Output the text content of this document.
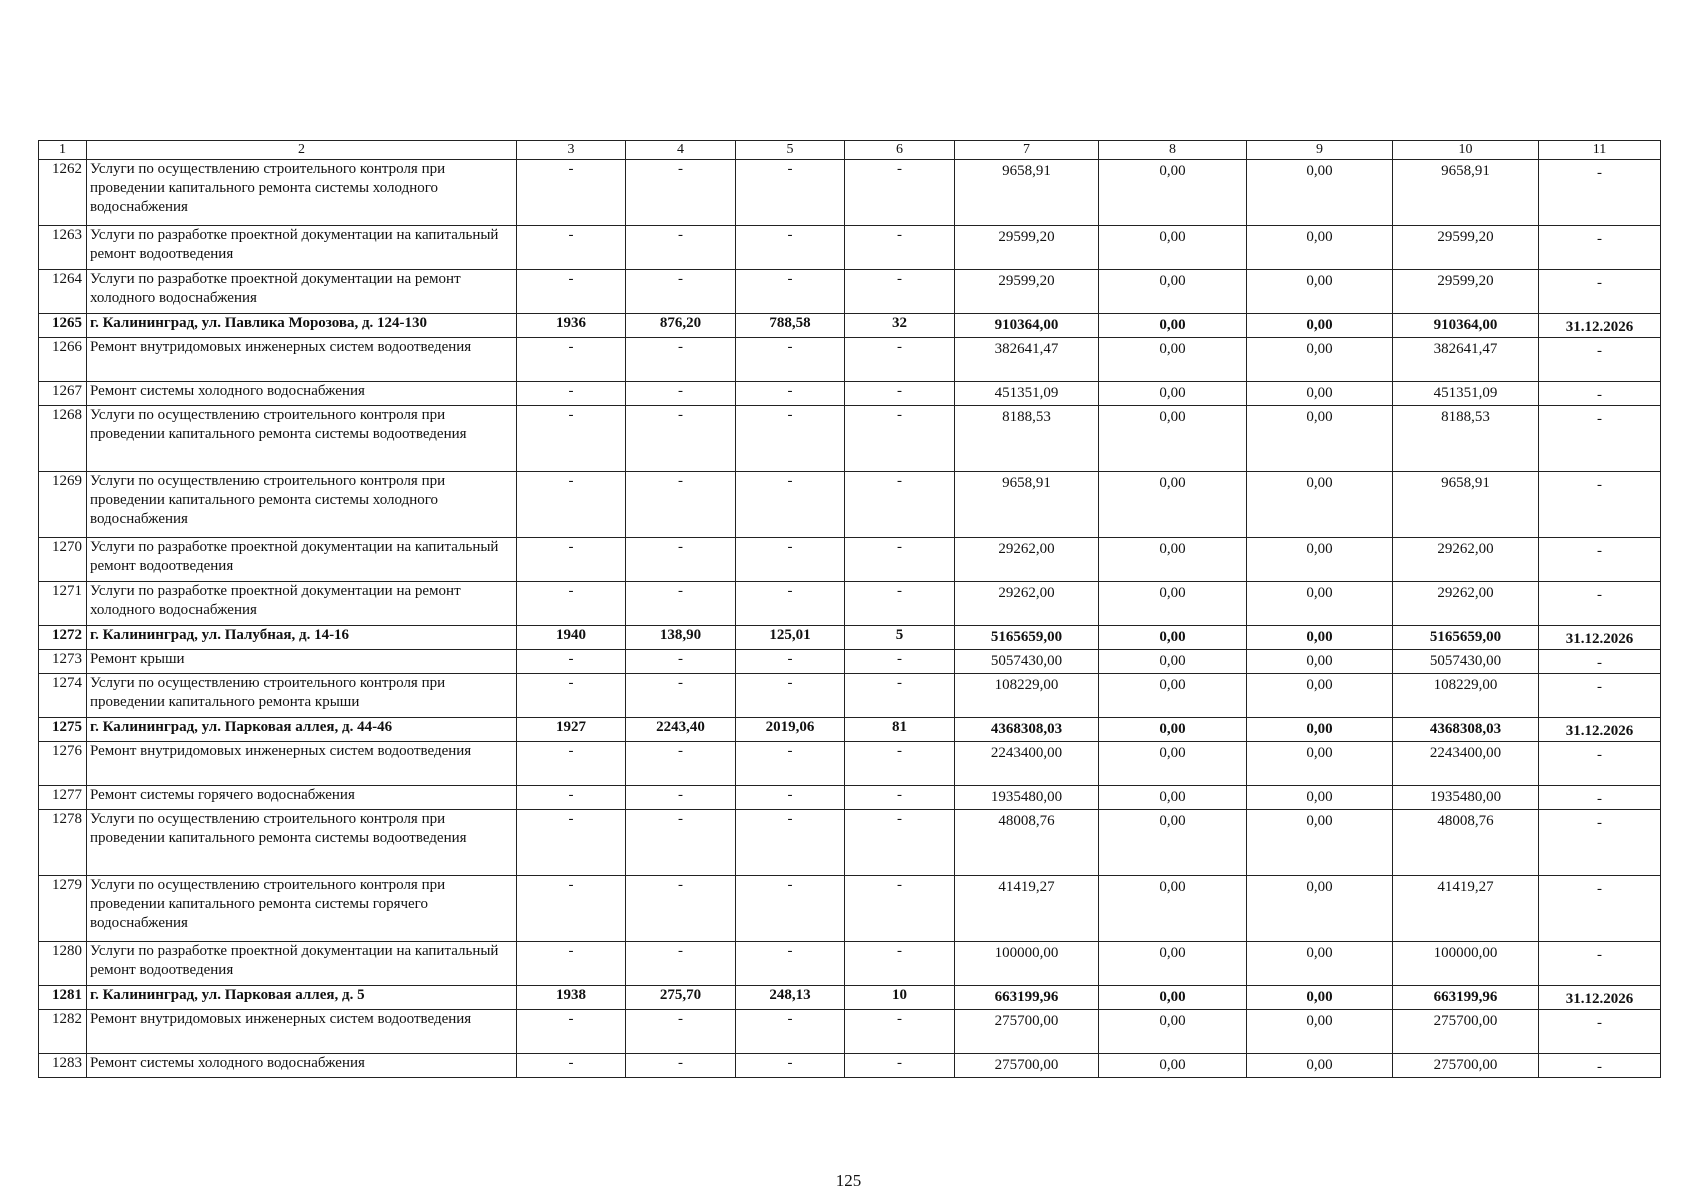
1	2	3	4	5	6	7	8	9	10	11
1262	Услуги по осуществлению строительного контроля при проведении капитального ремонта системы холодного водоснабжения	-	-	-	-	9658,91	0,00	0,00	9658,91	-
1263	Услуги по разработке проектной документации на капитальный ремонт водоотведения	-	-	-	-	29599,20	0,00	0,00	29599,20	-
1264	Услуги по разработке проектной документации на ремонт холодного водоснабжения	-	-	-	-	29599,20	0,00	0,00	29599,20	-
1265	г. Калининград, ул. Павлика Морозова, д. 124-130	1936	876,20	788,58	32	910364,00	0,00	0,00	910364,00	31.12.2026
1266	Ремонт внутридомовых инженерных систем водоотведения	-	-	-	-	382641,47	0,00	0,00	382641,47	-
1267	Ремонт системы холодного водоснабжения	-	-	-	-	451351,09	0,00	0,00	451351,09	-
1268	Услуги по осуществлению строительного контроля при проведении капитального ремонта системы водоотведения	-	-	-	-	8188,53	0,00	0,00	8188,53	-
1269	Услуги по осуществлению строительного контроля при проведении капитального ремонта системы холодного водоснабжения	-	-	-	-	9658,91	0,00	0,00	9658,91	-
1270	Услуги по разработке проектной документации на капитальный ремонт водоотведения	-	-	-	-	29262,00	0,00	0,00	29262,00	-
1271	Услуги по разработке проектной документации на ремонт холодного водоснабжения	-	-	-	-	29262,00	0,00	0,00	29262,00	-
1272	г. Калининград, ул. Палубная, д. 14-16	1940	138,90	125,01	5	5165659,00	0,00	0,00	5165659,00	31.12.2026
1273	Ремонт крыши	-	-	-	-	5057430,00	0,00	0,00	5057430,00	-
1274	Услуги по осуществлению строительного контроля при проведении капитального ремонта крыши	-	-	-	-	108229,00	0,00	0,00	108229,00	-
1275	г. Калининград, ул. Парковая аллея, д. 44-46	1927	2243,40	2019,06	81	4368308,03	0,00	0,00	4368308,03	31.12.2026
1276	Ремонт внутридомовых инженерных систем водоотведения	-	-	-	-	2243400,00	0,00	0,00	2243400,00	-
1277	Ремонт системы горячего водоснабжения	-	-	-	-	1935480,00	0,00	0,00	1935480,00	-
1278	Услуги по осуществлению строительного контроля при проведении капитального ремонта системы водоотведения	-	-	-	-	48008,76	0,00	0,00	48008,76	-
1279	Услуги по осуществлению строительного контроля при проведении капитального ремонта системы горячего водоснабжения	-	-	-	-	41419,27	0,00	0,00	41419,27	-
1280	Услуги по разработке проектной документации на капитальный ремонт водоотведения	-	-	-	-	100000,00	0,00	0,00	100000,00	-
1281	г. Калининград, ул. Парковая аллея, д. 5	1938	275,70	248,13	10	663199,96	0,00	0,00	663199,96	31.12.2026
1282	Ремонт внутридомовых инженерных систем водоотведения	-	-	-	-	275700,00	0,00	0,00	275700,00	-
1283	Ремонт системы холодного водоснабжения	-	-	-	-	275700,00	0,00	0,00	275700,00	-
125
